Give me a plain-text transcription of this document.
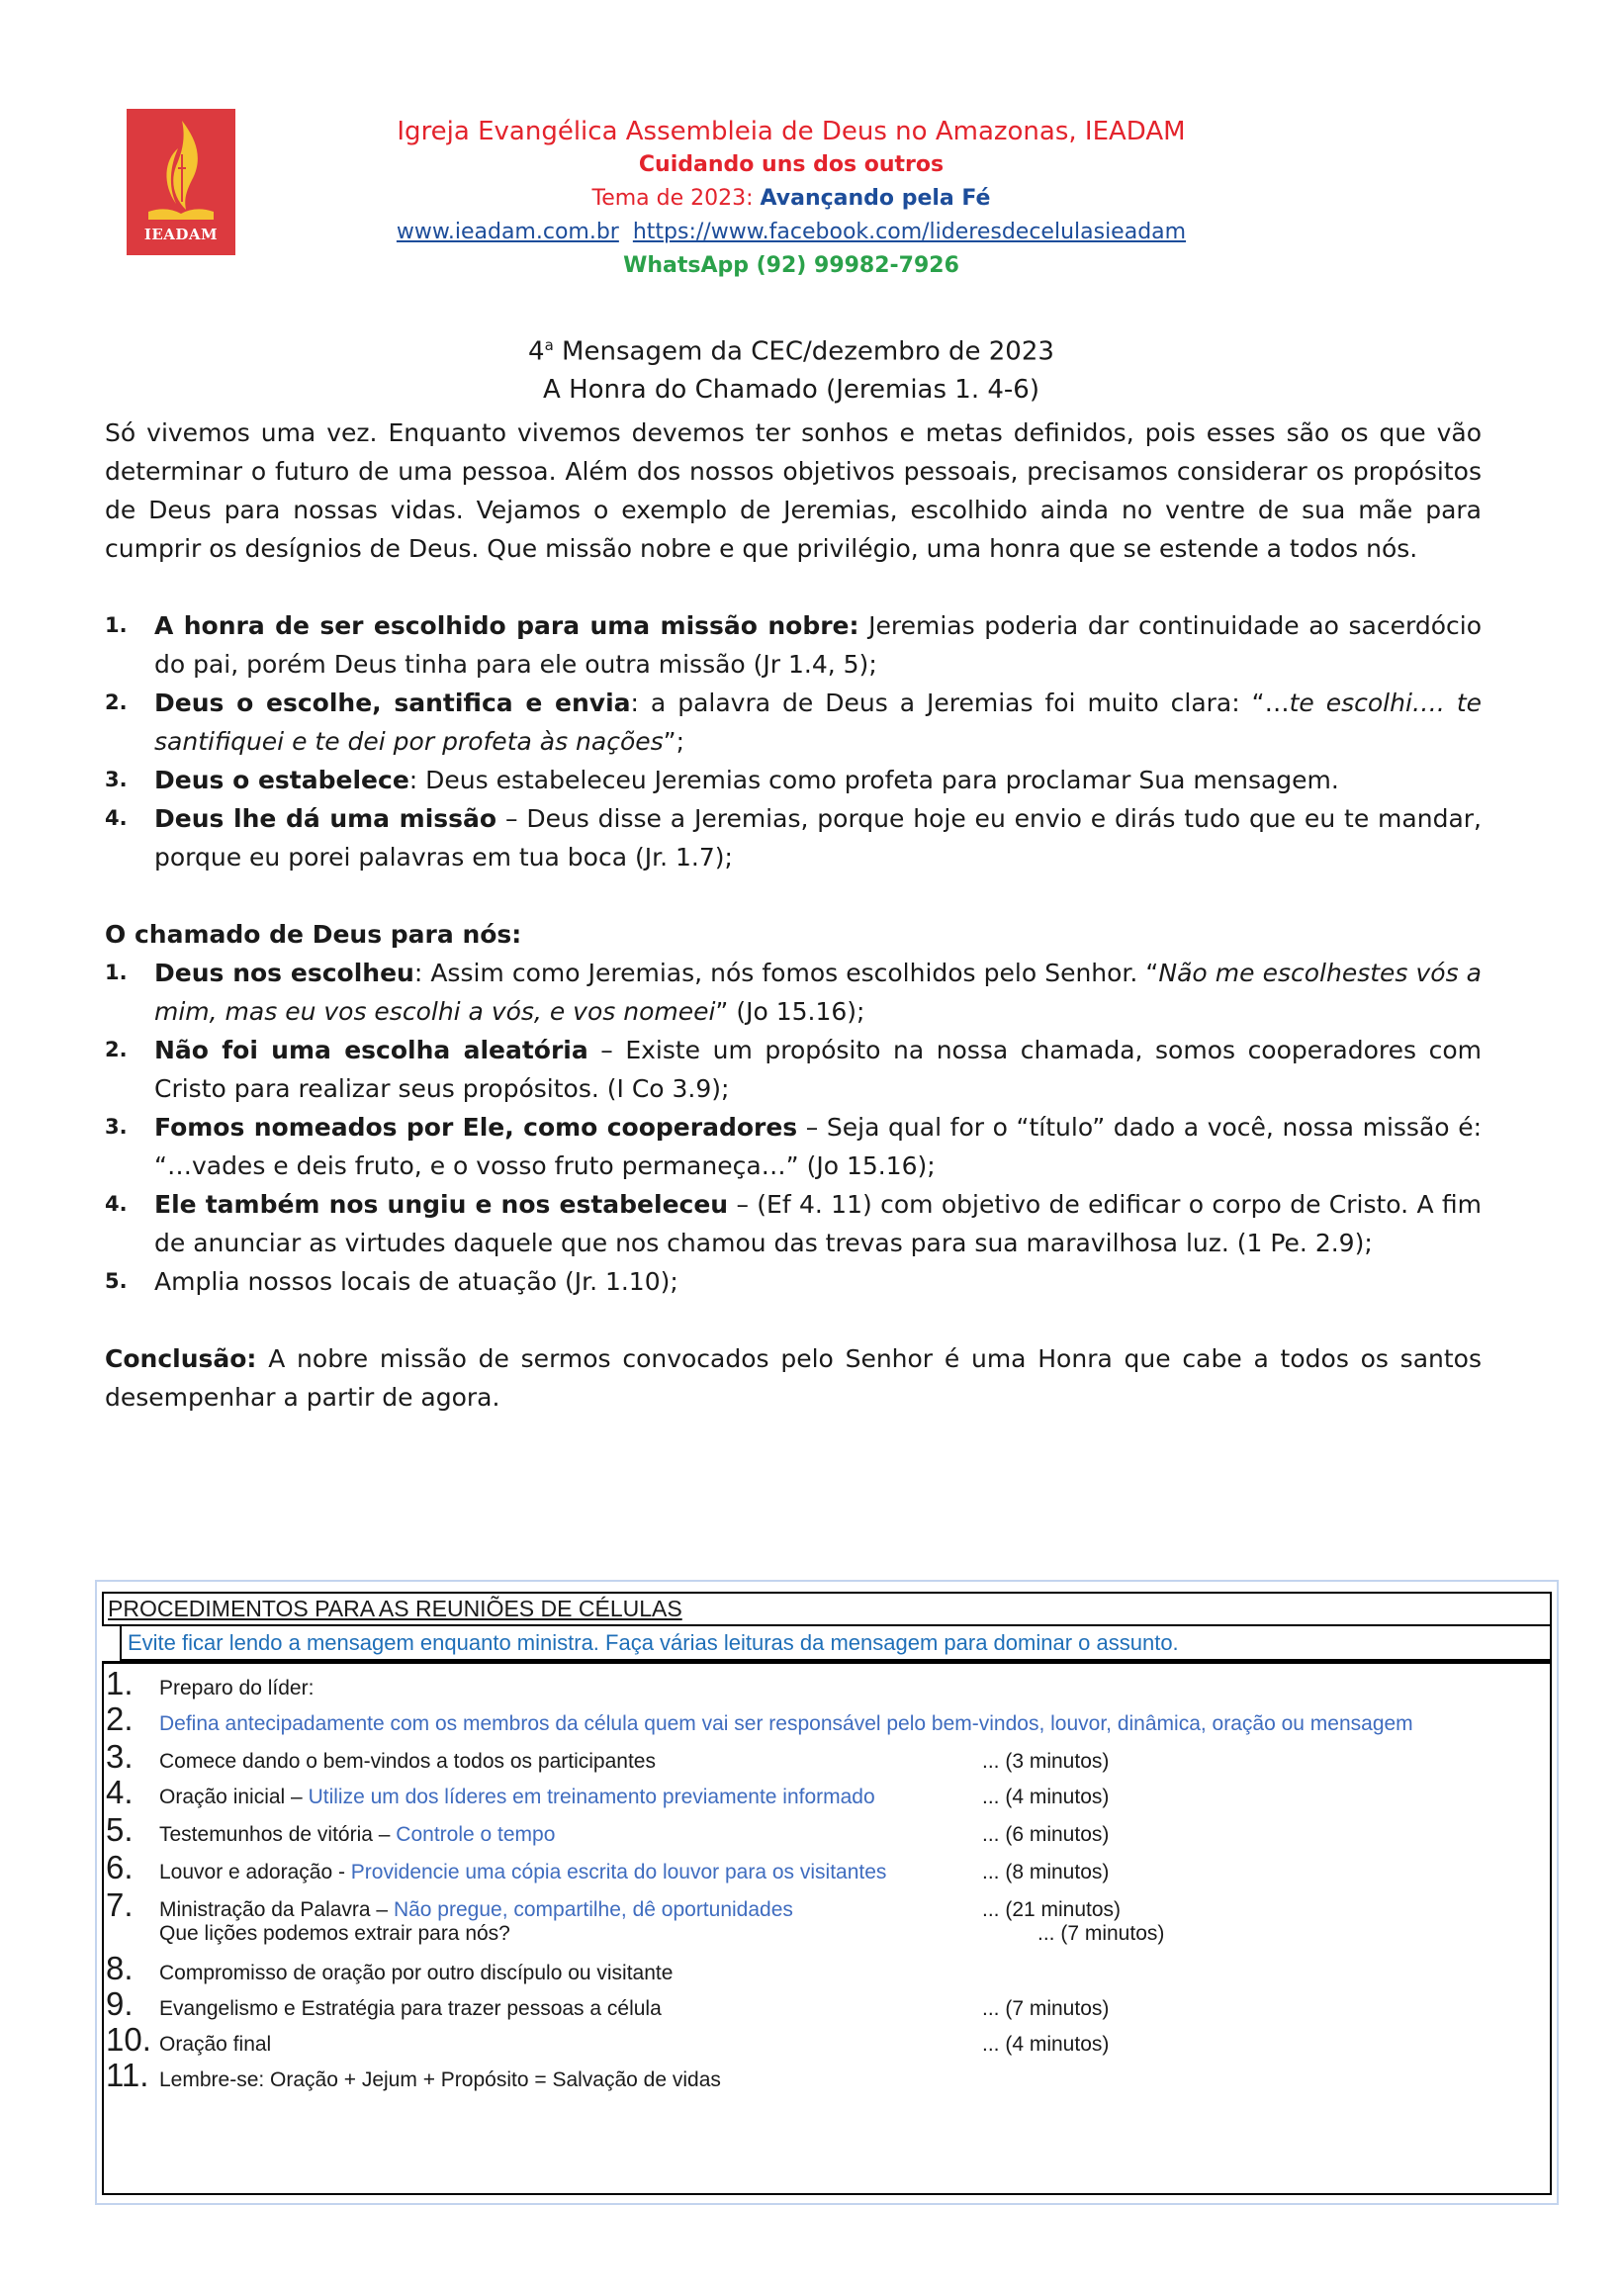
IEADAM
Igreja Evangélica Assembleia de Deus no Amazonas, IEADAM
Cuidando uns dos outros
Tema de 2023: Avançando pela Fé
www.ieadam.com.br https://www.facebook.com/lideresdecelulasieadam
WhatsApp (92) 99982-7926
4$^a$ Mensagem da CEC/dezembro de 2023
A Honra do Chamado (Jeremias 1. 4-6)

Só vivemos uma vez. Enquanto vivemos devemos ter sonhos e metas definidos, pois esses são os que vão determinar o futuro de uma pessoa. Além dos nossos objetivos pessoais, precisamos considerar os propósitos de Deus para nossas vidas. Vejamos o exemplo de Jeremias, escolhido ainda no ventre de sua mãe para cumprir os desígnios de Deus. Que missão nobre e que privilégio, uma honra que se estende a todos nós.

1.	A honra de ser escolhido para uma missão nobre: Jeremias poderia dar continuidade ao sacerdócio do pai, porém Deus tinha para ele outra missão (Jr 1.4, 5);
2.	Deus o escolhe, santifica e envia: a palavra de Deus a Jeremias foi muito clara: “…te escolhi…. te santifiquei e te dei por profeta às nações”;
3.	Deus o estabelece: Deus estabeleceu Jeremias como profeta para proclamar Sua mensagem.
4.	Deus lhe dá uma missão – Deus disse a Jeremias, porque hoje eu envio e dirás tudo que eu te mandar, porque eu porei palavras em tua boca (Jr. 1.7);
O chamado de Deus para nós:
1.	Deus nos escolheu: Assim como Jeremias, nós fomos escolhidos pelo Senhor. “Não me escolhestes vós a mim, mas eu vos escolhi a vós, e vos nomeei” (Jo 15.16);
2.	Não foi uma escolha aleatória – Existe um propósito na nossa chamada, somos cooperadores com Cristo para realizar seus propósitos. (I Co 3.9);
3.	Fomos nomeados por Ele, como cooperadores – Seja qual for o “título” dado a você, nossa missão é: “…vades e deis fruto, e o vosso fruto permaneça…” (Jo 15.16);
4.	Ele também nos ungiu e nos estabeleceu – (Ef 4. 11) com objetivo de edificar o corpo de Cristo. A fim de anunciar as virtudes daquele que nos chamou das trevas para sua maravilhosa luz. (1 Pe. 2.9);
5.	Amplia nossos locais de atuação (Jr. 1.10);

Conclusão: A nobre missão de sermos convocados pelo Senhor é uma Honra que cabe a todos os santos desempenhar a partir de agora.

PROCEDIMENTOS PARA AS REUNIÕES DE CÉLULAS
Evite ficar lendo a mensagem enquanto ministra. Faça várias leituras da mensagem para dominar o assunto.
1.	Preparo do líder:
2.	Defina antecipadamente com os membros da célula quem vai ser responsável pelo bem-vindos, louvor, dinâmica, oração ou mensagem
3.	Comece dando o bem-vindos a todos os participantes	... (3 minutos)
4.	Oração inicial – Utilize um dos líderes em treinamento previamente informado	... (4 minutos)
5.	Testemunhos de vitória – Controle o tempo	... (6 minutos)
6.	Louvor e adoração - Providencie uma cópia escrita do louvor para os visitantes	... (8 minutos)
7.	Ministração da Palavra – Não pregue, compartilhe, dê oportunidades	... (21 minutos)
Que lições podemos extrair para nós?	... (7 minutos)
8.	Compromisso de oração por outro discípulo ou visitante
9.	Evangelismo e Estratégia para trazer pessoas a célula	... (7 minutos)
10. Oração final	... (4 minutos)
11. Lembre-se: Oração + Jejum + Propósito = Salvação de vidas
